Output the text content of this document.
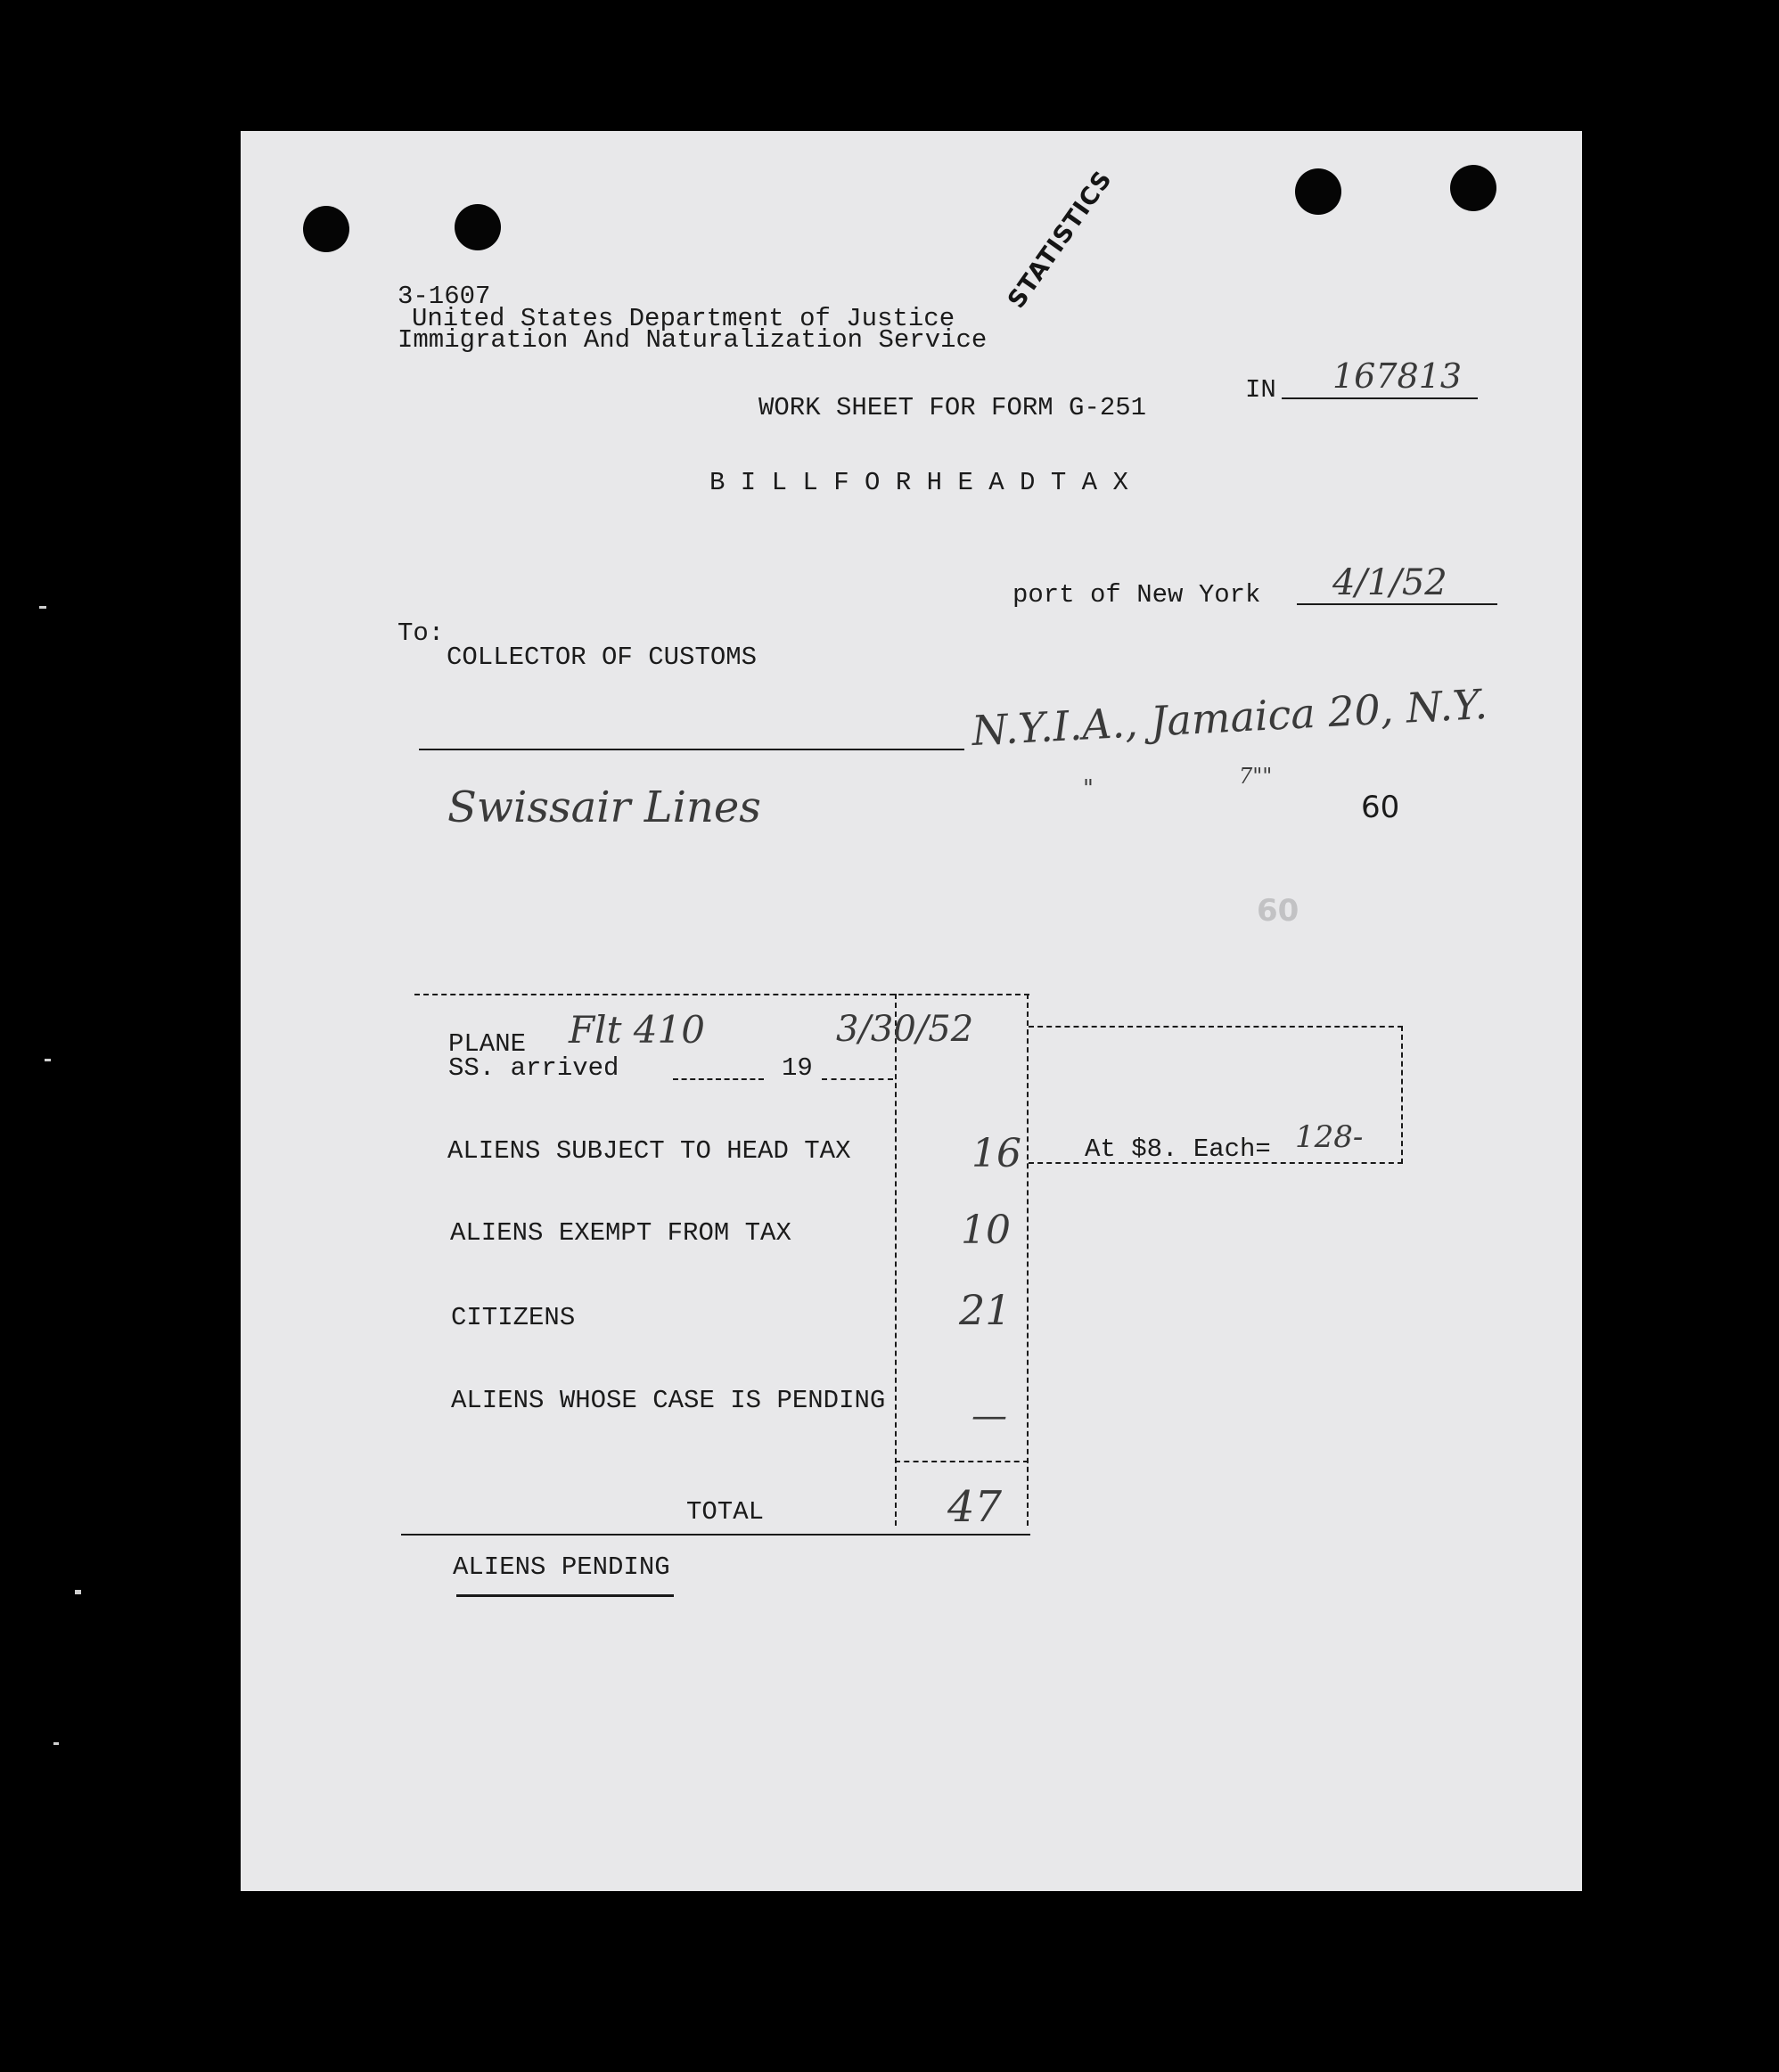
3-1607
United States Department of Justice
Immigration And Naturalization Service
STATISTICS
WORK SHEET FOR FORM G-251
IN 167813
B I L L F O R H E A D T A X
port of New York 4/1/52
To:
COLLECTOR OF CUSTOMS
N.Y.I.A., Jamaica 20, N.Y.
Swissair Lines	"	7""
60
60
At $8. Each= 128-
PLANE Flt 410	3/30/52
SS. arrived	19
ALIENS SUBJECT TO HEAD TAX	16
ALIENS EXEMPT FROM TAX	10
CITIZENS	21
ALIENS WHOSE CASE IS PENDING —
TOTAL	47
ALIENS PENDING
